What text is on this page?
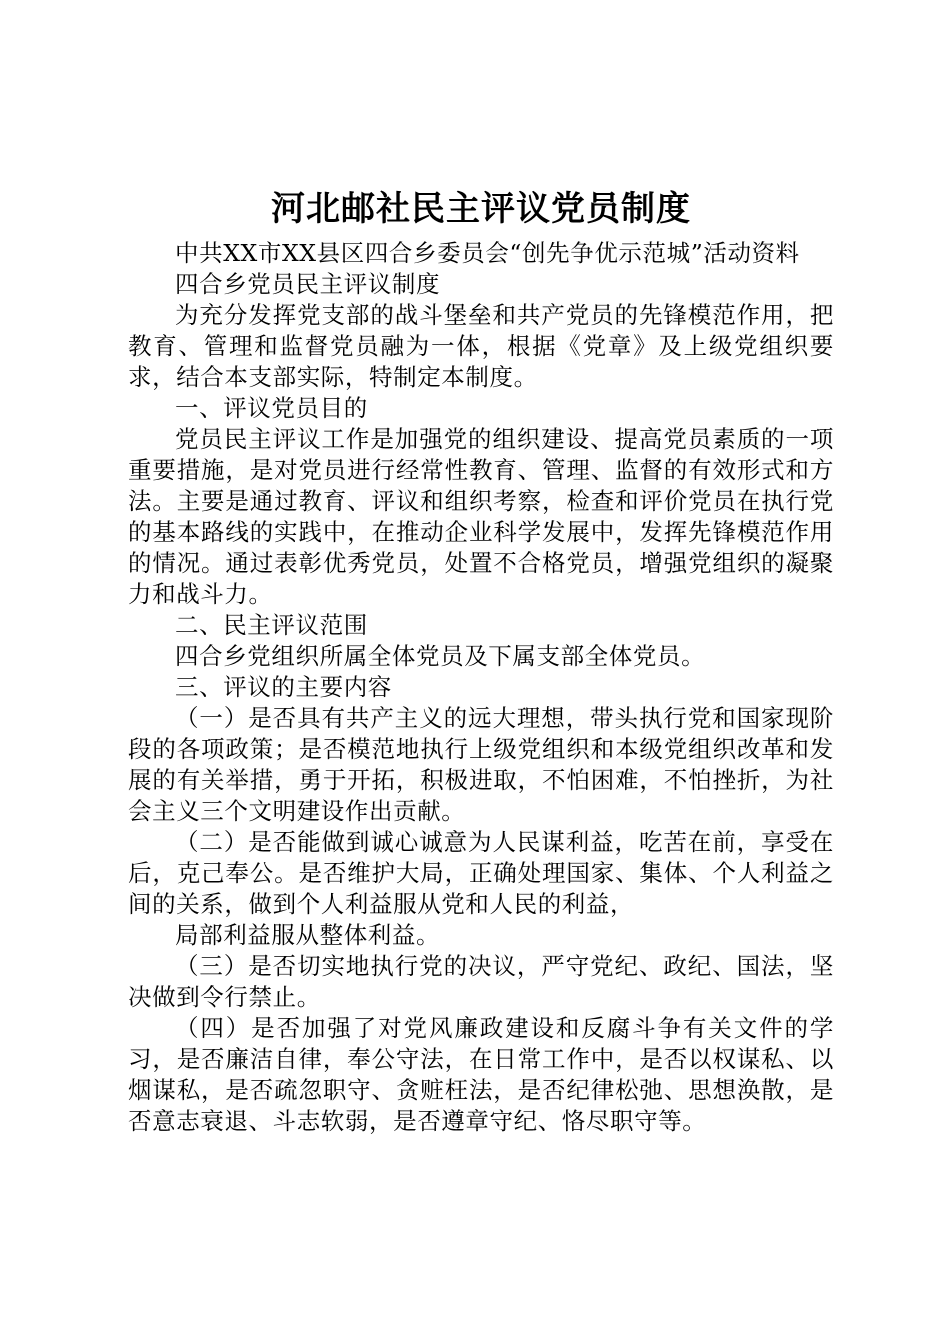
河北邮社民主评议党员制度

中共XX市XX县区四合乡委员会“创先争优示范城”活动资料

四合乡党员民主评议制度

为充分发挥党支部的战斗堡垒和共产党员的先锋模范作用，把教育、管理和监督党员融为一体，根据《党章》及上级党组织要求，结合本支部实际，特制定本制度。

一、评议党员目的

党员民主评议工作是加强党的组织建设、提高党员素质的一项重要措施，是对党员进行经常性教育、管理、监督的有效形式和方法。主要是通过教育、评议和组织考察，检查和评价党员在执行党的基本路线的实践中，在推动企业科学发展中，发挥先锋模范作用的情况。通过表彰优秀党员，处置不合格党员，增强党组织的凝聚力和战斗力。

二、民主评议范围

四合乡党组织所属全体党员及下属支部全体党员。

三、评议的主要内容

（一）是否具有共产主义的远大理想，带头执行党和国家现阶段的各项政策；是否模范地执行上级党组织和本级党组织改革和发展的有关举措，勇于开拓，积极进取，不怕困难，不怕挫折，为社会主义三个文明建设作出贡献。

（二）是否能做到诚心诚意为人民谋利益，吃苦在前，享受在后，克己奉公。是否维护大局，正确处理国家、集体、个人利益之间的关系，做到个人利益服从党和人民的利益，

局部利益服从整体利益。

（三）是否切实地执行党的决议，严守党纪、政纪、国法，坚决做到令行禁止。

（四）是否加强了对党风廉政建设和反腐斗争有关文件的学习，是否廉洁自律，奉公守法，在日常工作中，是否以权谋私、以烟谋私，是否疏忽职守、贪赃枉法，是否纪律松弛、思想涣散，是否意志衰退、斗志软弱，是否遵章守纪、恪尽职守等。
